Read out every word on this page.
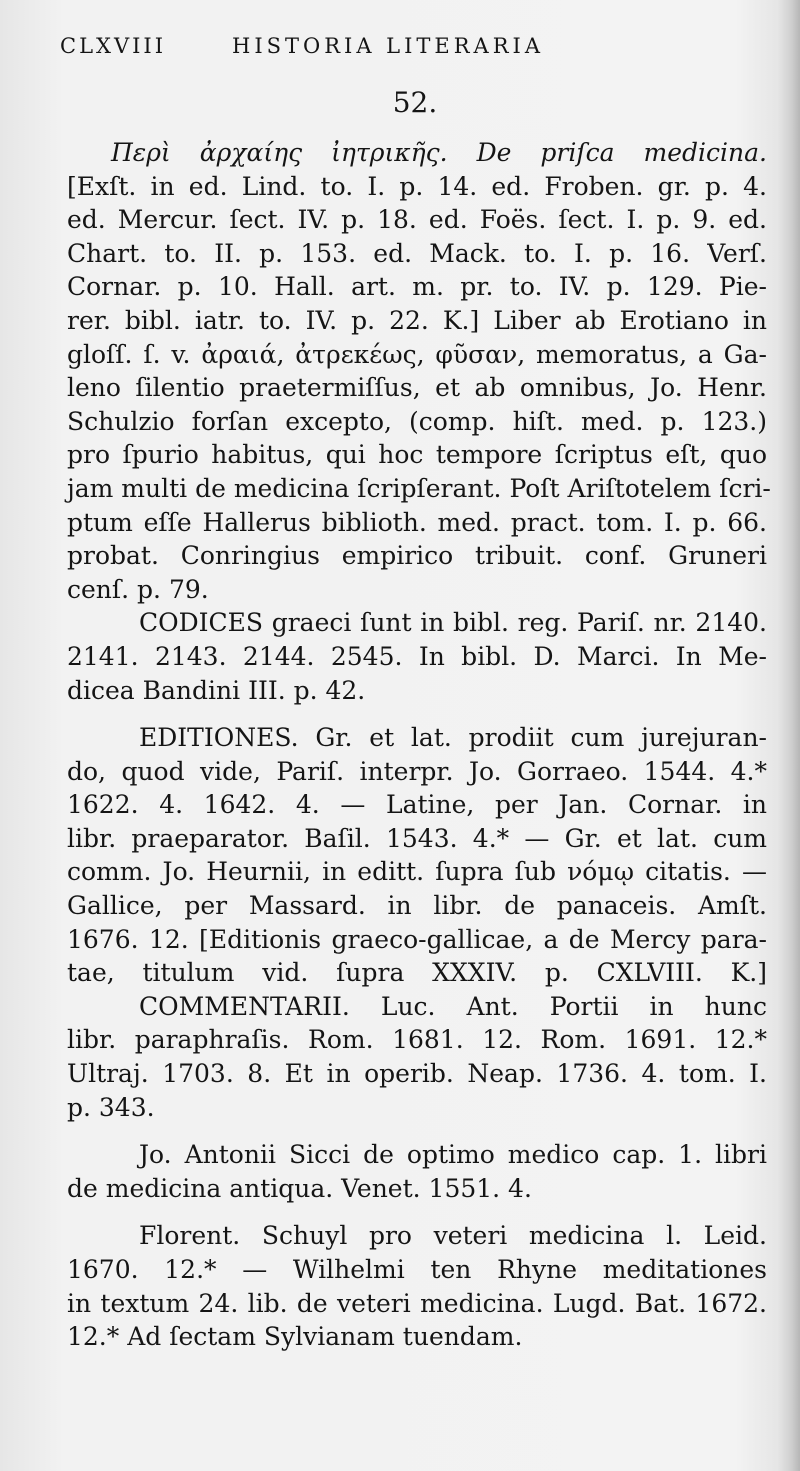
CLXVIII	HISTORIA LITERARIA
52.
Περὶ ἀρχαίης ἰητρικῆς. De priſca medicina.
[Exſt. in ed. Lind. to. I. p. 14. ed. Froben. gr. p. 4.
ed. Mercur. ſect. IV. p. 18. ed. Foës. ſect. I. p. 9. ed.
Chart. to. II. p. 153. ed. Mack. to. I. p. 16. Verſ.
Cornar. p. 10. Hall. art. m. pr. to. IV. p. 129. Pie-
rer. bibl. iatr. to. IV. p. 22. K.] Liber ab Erotiano in
gloſſ. ſ. v. ἀραιά, ἀτρεκέως, φῦσαν, memoratus, a Ga-
leno ſilentio praetermiſſus, et ab omnibus, Jo. Henr.
Schulzio forſan excepto, (comp. hiſt. med. p. 123.)
pro ſpurio habitus, qui hoc tempore ſcriptus eſt, quo
jam multi de medicina ſcripſerant. Poſt Ariſtotelem ſcri-
ptum eſſe Hallerus biblioth. med. pract. tom. I. p. 66.
probat. Conringius empirico tribuit. conf. Gruneri
cenſ. p. 79.
CODICES graeci ſunt in bibl. reg. Pariſ. nr. 2140.
2141. 2143. 2144. 2545. In bibl. D. Marci. In Me-
dicea Bandini III. p. 42.
EDITIONES. Gr. et lat. prodiit cum jurejuran-
do, quod vide, Pariſ. interpr. Jo. Gorraeo. 1544. 4.*
1622. 4. 1642. 4. — Latine, per Jan. Cornar. in
libr. praeparator. Baſil. 1543. 4.* — Gr. et lat. cum
comm. Jo. Heurnii, in editt. ſupra ſub νόμῳ citatis. —
Gallice, per Massard. in libr. de panaceis. Amſt.
1676. 12. [Editionis graeco-gallicae, a de Mercy para-
tae, titulum vid. ſupra XXXIV. p. CXLVIII. K.]
COMMENTARII. Luc. Ant. Portii in hunc
libr. paraphraſis. Rom. 1681. 12. Rom. 1691. 12.*
Ultraj. 1703. 8. Et in operib. Neap. 1736. 4. tom. I.
p. 343.
Jo. Antonii Sicci de optimo medico cap. 1. libri
de medicina antiqua. Venet. 1551. 4.
Florent. Schuyl pro veteri medicina l. Leid.
1670. 12.* — Wilhelmi ten Rhyne meditationes
in textum 24. lib. de veteri medicina. Lugd. Bat. 1672.
12.* Ad ſectam Sylvianam tuendam.
